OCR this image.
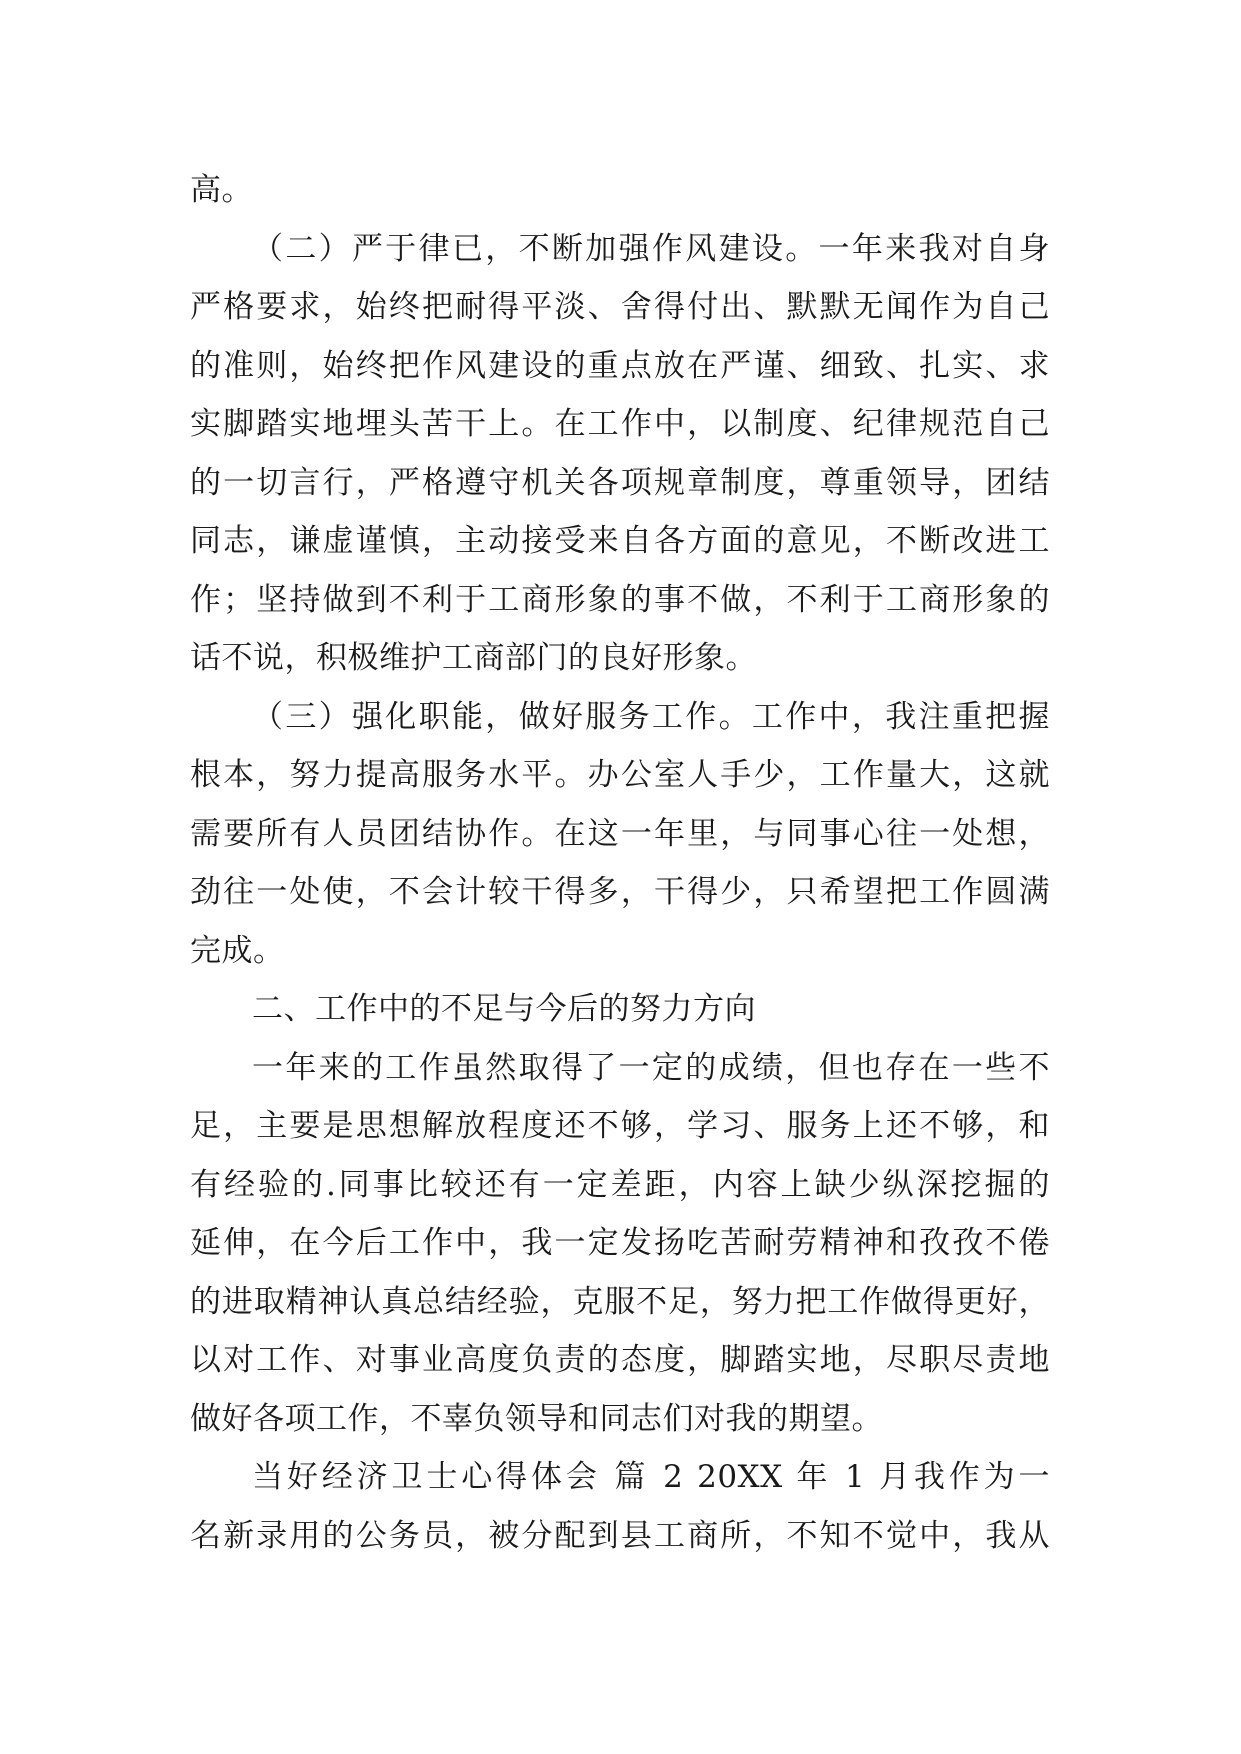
高。
（二）严于律已，不断加强作风建设。一年来我对自身
严格要求，始终把耐得平淡、舍得付出、默默无闻作为自己
的准则，始终把作风建设的重点放在严谨、细致、扎实、求
实脚踏实地埋头苦干上。在工作中，以制度、纪律规范自己
的一切言行，严格遵守机关各项规章制度，尊重领导，团结
同志，谦虚谨慎，主动接受来自各方面的意见，不断改进工
作；坚持做到不利于工商形象的事不做，不利于工商形象的
话不说，积极维护工商部门的良好形象。
（三）强化职能，做好服务工作。工作中，我注重把握
根本，努力提高服务水平。办公室人手少，工作量大，这就
需要所有人员团结协作。在这一年里，与同事心往一处想，
劲往一处使，不会计较干得多，干得少，只希望把工作圆满
完成。
二、工作中的不足与今后的努力方向
一年来的工作虽然取得了一定的成绩，但也存在一些不
足，主要是思想解放程度还不够，学习、服务上还不够，和
有经验的.同事比较还有一定差距，内容上缺少纵深挖掘的
延伸，在今后工作中，我一定发扬吃苦耐劳精神和孜孜不倦
的进取精神认真总结经验，克服不足，努力把工作做得更好，
以对工作、对事业高度负责的态度，脚踏实地，尽职尽责地
做好各项工作，不辜负领导和同志们对我的期望。
当好经济卫士心得体会 篇 2 20XX 年 1 月我作为一
名新录用的公务员，被分配到县工商所，不知不觉中，我从
